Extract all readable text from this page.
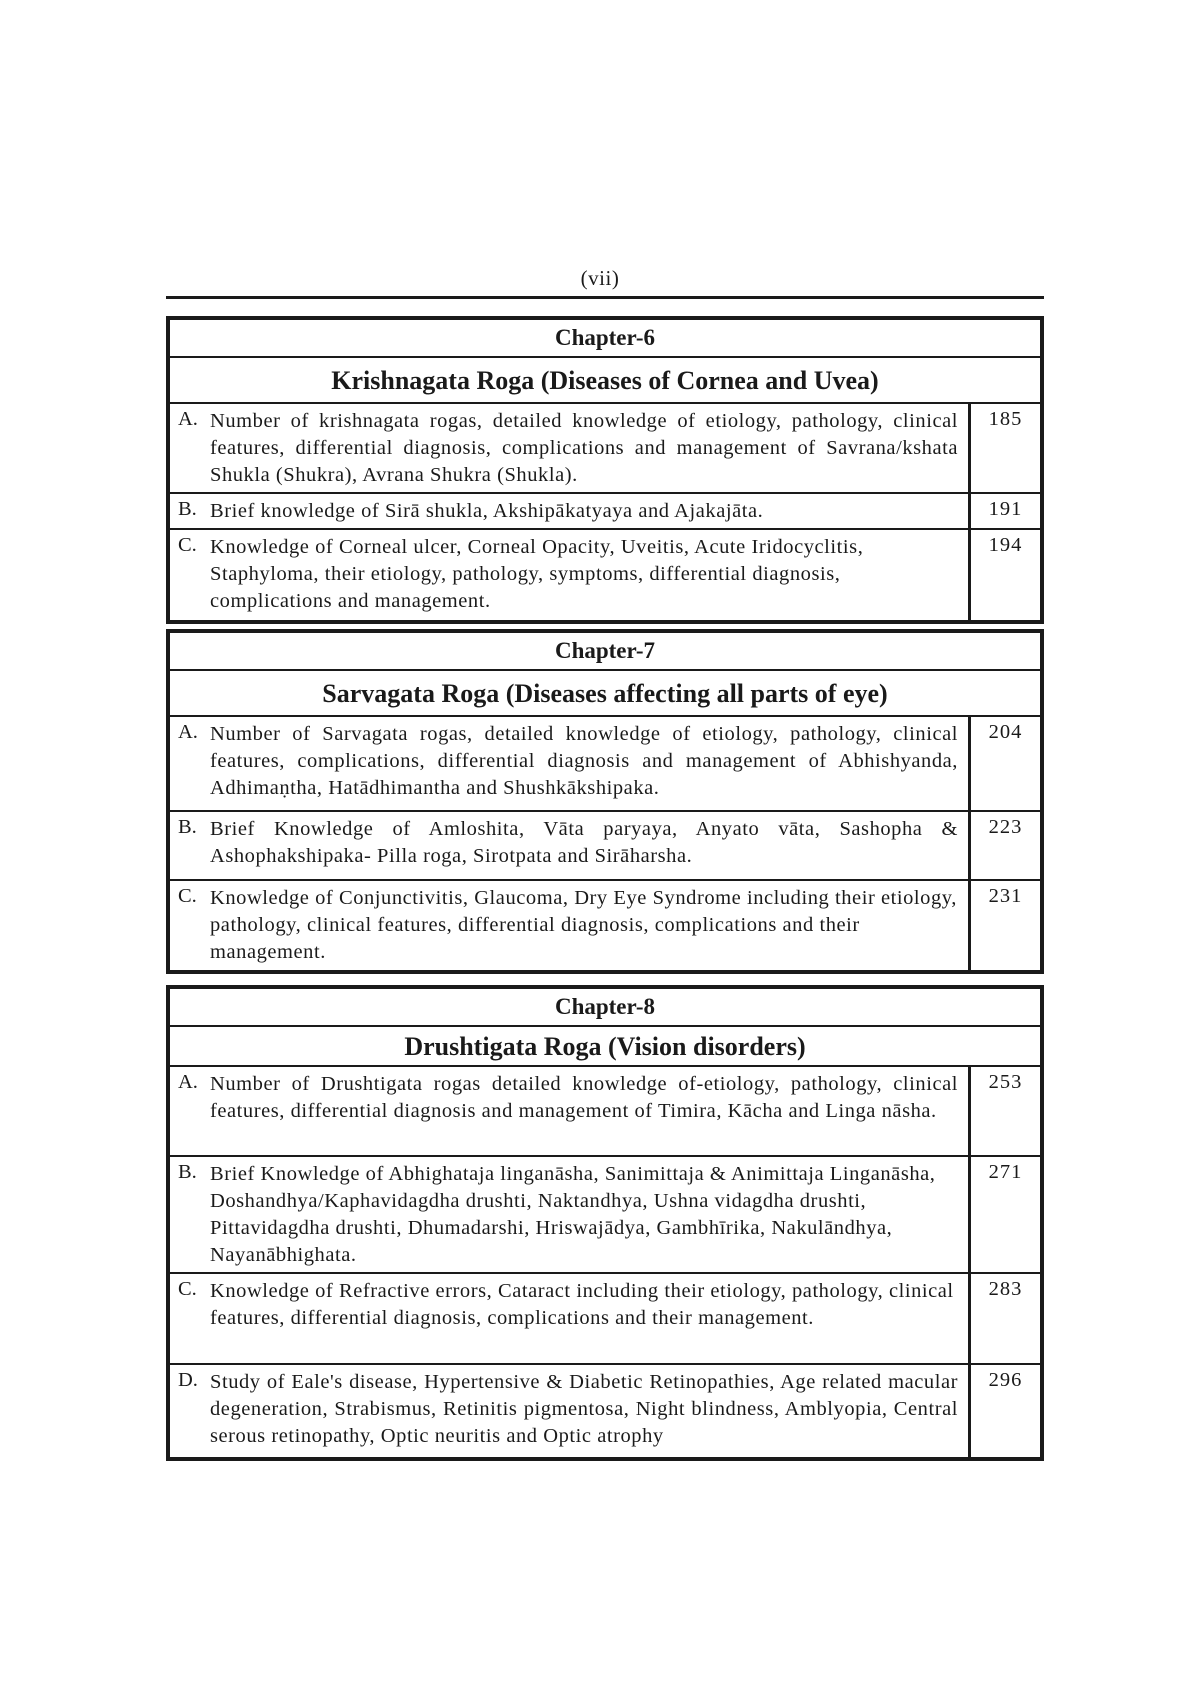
(vii)
Chapter-6
Krishnagata Roga (Diseases of Cornea and Uvea)
A. Number of krishnagata rogas, detailed knowledge of etiology, pathology, clinical features, differential diagnosis, complications and management of Savrana/kshata Shukla (Shukra), Avrana Shukra (Shukla).
185
B. Brief knowledge of Sirā shukla, Akshipākatyaya and Ajakajāta.	191
C. Knowledge of Corneal ulcer, Corneal Opacity, Uveitis, Acute Iridocyclitis, Staphyloma, their etiology, pathology, symptoms, differential diagnosis, complications and management.
194
Chapter-7
Sarvagata Roga (Diseases affecting all parts of eye)
A. Number of Sarvagata rogas, detailed knowledge of etiology, pathology, clinical features, complications, differential diagnosis and management of Abhishyanda, Adhimaṇtha, Hatādhimantha and Shushkākshipaka.
204
B. Brief Knowledge of Amloshita, Vāta paryaya, Anyato vāta, Sashopha & Ashophakshipaka- Pilla roga, Sirotpata and Sirāharsha.
223
C. Knowledge of Conjunctivitis, Glaucoma, Dry Eye Syndrome including their etiology, pathology, clinical features, differential diagnosis, complications and their management.
231
Chapter-8
Drushtigata Roga (Vision disorders)
A. Number of Drushtigata rogas detailed knowledge of-etiology, pathology, clinical features, differential diagnosis and management of Timira, Kācha and Linga nāsha.
253
B. Brief Knowledge of Abhighataja linganāsha, Sanimittaja & Animittaja Linganāsha, Doshandhya/Kaphavidagdha drushti, Naktandhya, Ushna vidagdha drushti, Pittavidagdha drushti, Dhumadarshi, Hriswajādya, Gambhīrika, Nakulāndhya, Nayanābhighata.
271
C. Knowledge of Refractive errors, Cataract including their etiology, pathology, clinical features, differential diagnosis, complications and their management.
283
D. Study of Eale's disease, Hypertensive & Diabetic Retinopathies, Age related macular degeneration, Strabismus, Retinitis pigmentosa, Night blindness, Amblyopia, Central serous retinopathy, Optic neuritis and Optic atrophy
296
